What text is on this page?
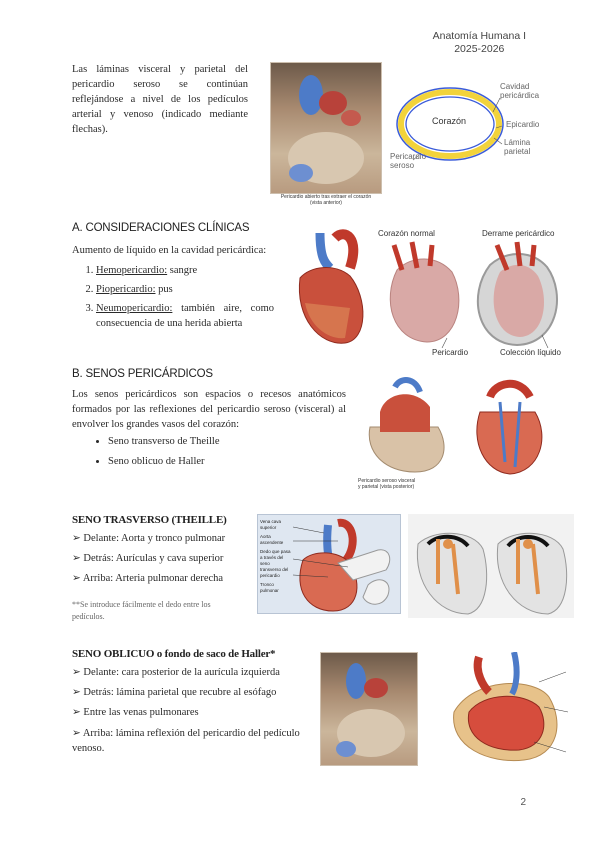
Anatomía Humana I
2025-2026
Las láminas visceral y parietal del pericardio seroso se continúan reflejándose a nivel de los pedículos arterial y venoso (indicado mediante flechas).
Pericardio abierto tras extraer el corazón (vista anterior)
Corazón
Cavidad pericárdica
Epicardio
Lámina parietal
Pericardio seroso
A. CONSIDERACIONES CLÍNICAS
Aumento de líquido en la cavidad pericárdica:
1. Hemopericardio: sangre
2. Piopericardio: pus
3. Neumopericardio: también aire, como consecuencia de una herida abierta
Corazón normal	Derrame pericárdico
Pericardio	Colección líquido
B. SENOS PERICÁRDICOS
Los senos pericárdicos son espacios o recesos anatómicos formados por las reflexiones del pericardio seroso (visceral) al envolver los grandes vasos del corazón:
• Seno transverso de Theille
• Seno oblicuo de Haller
Pericardio seroso visceral y parietal (vista posterior)
SENO TRASVERSO (THEILLE)
➢ Delante: Aorta y tronco pulmonar
➢ Detrás: Aurículas y cava superior
➢ Arriba: Arteria pulmonar derecha
**Se introduce fácilmente el dedo entre los pedículos.
Vena cava superior
Aorta ascendente
Dedo que pasa a través del seno transverso del pericardio
Tronco pulmonar
SENO OBLICUO o fondo de saco de Haller*
➢ Delante: cara posterior de la aurícula izquierda
➢ Detrás: lámina parietal que recubre al esófago
➢ Entre las venas pulmonares
➢ Arriba: lámina reflexión del pericardio del pedículo venoso.
2
